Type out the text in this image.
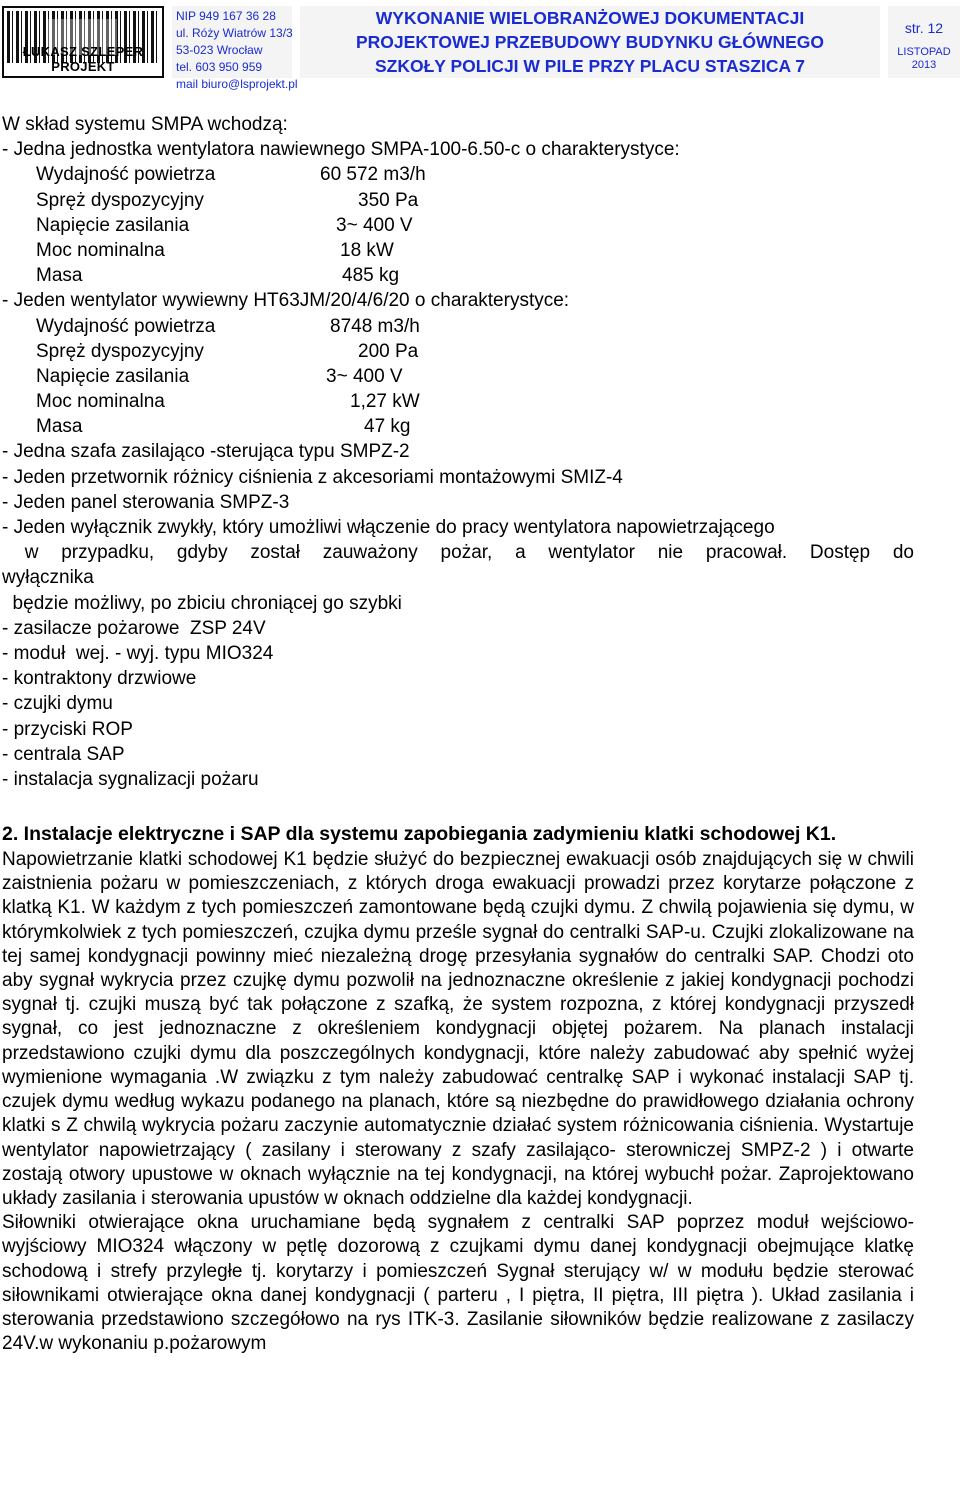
ŁUKASZ SZLEPER PROJEKT
NIP 949 167 36 28
ul. Róży Wiatrów 13/3
53-023 Wrocław
tel. 603 950 959
mail biuro@lsprojekt.pl
WYKONANIE WIELOBRANŻOWEJ DOKUMENTACJI
PROJEKTOWEJ PRZEBUDOWY BUDYNKU GŁÓWNEGO
SZKOŁY POLICJI W PILE PRZY PLACU STASZICA 7
str. 12
LISTOPAD
2013
W skład systemu SMPA wchodzą:
- Jedna jednostka wentylatora nawiewnego SMPA-100-6.50-c o charakterystyce:
Wydajność powietrza	60 572 m3/h
Spręż dyspozycyjny	350 Pa
Napięcie zasilania	3~ 400 V
Moc nominalna	18 kW
Masa	485 kg
- Jeden wentylator wywiewny HT63JM/20/4/6/20 o charakterystyce:
Wydajność powietrza	8748 m3/h
Spręż dyspozycyjny	200 Pa
Napięcie zasilania	3~ 400 V
Moc nominalna	1,27 kW
Masa	47 kg
- Jedna szafa zasilająco -sterująca typu SMPZ-2
- Jeden przetwornik różnicy ciśnienia z akcesoriami montażowymi SMIZ-4
- Jeden panel sterowania SMPZ-3
- Jeden wyłącznik zwykły, który umożliwi włączenie do pracy wentylatora napowietrzającego
w przypadku, gdyby został zauważony pożar, a wentylator nie pracował. Dostęp do
wyłącznika
będzie możliwy, po zbiciu chroniącej go szybki
- zasilacze pożarowe  ZSP 24V
- moduł  wej. - wyj. typu MIO324
- kontraktony drzwiowe
- czujki dymu
- przyciski ROP
- centrala SAP
- instalacja sygnalizacji pożaru
2. Instalacje elektryczne i SAP dla systemu zapobiegania zadymieniu klatki schodowej K1.
Napowietrzanie klatki schodowej K1 będzie służyć do bezpiecznej ewakuacji osób znajdujących się w chwili zaistnienia pożaru w pomieszczeniach, z których droga ewakuacji prowadzi przez korytarze połączone z klatką K1. W każdym z tych pomieszczeń zamontowane będą czujki dymu. Z chwilą pojawienia się dymu, w którymkolwiek z tych pomieszczeń, czujka dymu prześle sygnał do centralki SAP-u. Czujki zlokalizowane na tej samej kondygnacji powinny mieć niezależną drogę przesyłania sygnałów do centralki SAP. Chodzi oto aby sygnał wykrycia przez czujkę dymu pozwolił na jednoznaczne określenie z jakiej kondygnacji pochodzi sygnał tj. czujki muszą być tak połączone z szafką, że system rozpozna, z której kondygnacji przyszedł sygnał, co jest jednoznaczne z określeniem kondygnacji objętej pożarem. Na planach instalacji przedstawiono czujki dymu dla poszczególnych kondygnacji, które należy zabudować aby spełnić wyżej wymienione wymagania .W związku z tym należy zabudować centralkę SAP i wykonać instalacji SAP tj. czujek dymu według wykazu podanego na planach, które są niezbędne do prawidłowego działania ochrony klatki s Z chwilą wykrycia pożaru zaczynie automatycznie działać system różnicowania ciśnienia. Wystartuje wentylator napowietrzający ( zasilany i sterowany z szafy zasilająco- sterowniczej SMPZ-2 ) i otwarte zostają otwory upustowe w oknach wyłącznie na tej kondygnacji, na której wybuchł pożar. Zaprojektowano układy zasilania i sterowania upustów w oknach oddzielne dla każdej kondygnacji.
Siłowniki otwierające okna uruchamiane będą sygnałem z centralki SAP poprzez moduł wejściowo- wyjściowy MIO324 włączony w pętlę dozorową z czujkami dymu danej kondygnacji obejmujące klatkę schodową i strefy przyległe tj. korytarzy i pomieszczeń Sygnał sterujący w/ w modułu będzie sterować siłownikami otwierające okna danej kondygnacji ( parteru , I piętra, II piętra, III piętra ). Układ zasilania i sterowania przedstawiono szczegółowo na rys ITK-3. Zasilanie siłowników będzie realizowane z zasilaczy 24V.w wykonaniu p.pożarowym
